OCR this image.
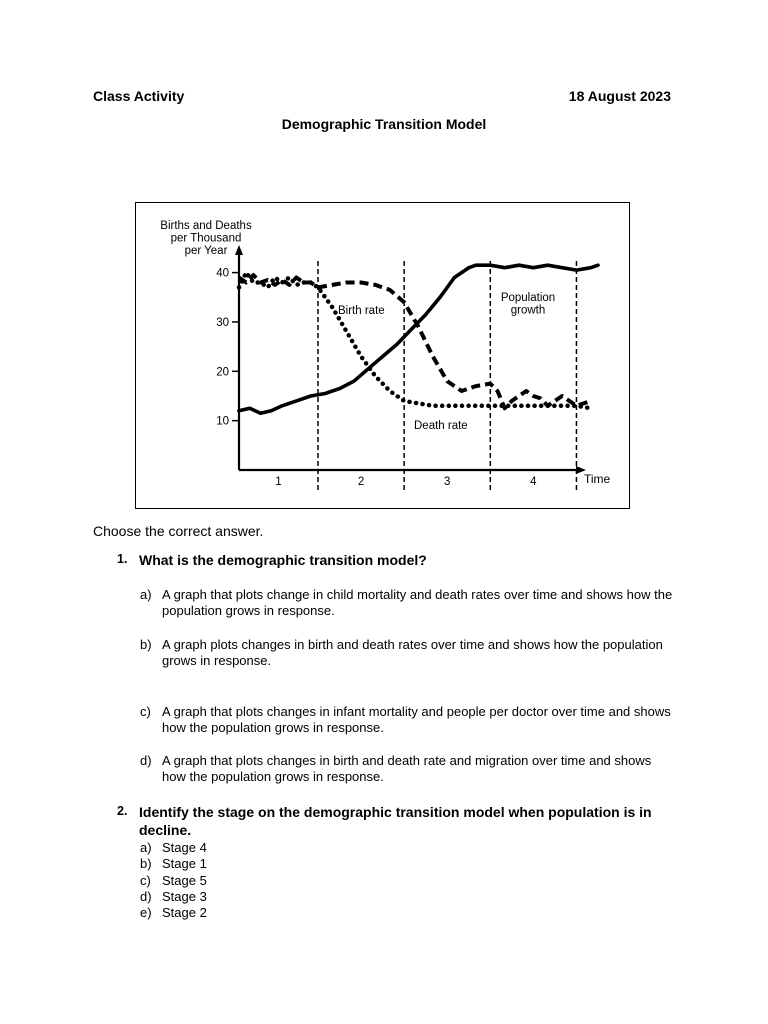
Class Activity	18 August 2023
Demographic Transition Model
Births and Deaths
per Thousand
per Year
Time
10
20
30
40
1	2	3	4
Birth rate
Death rate
Population
growth
Choose the correct answer.
1. What is the demographic transition model?
a) A graph that plots change in child mortality and death rates over time and shows how the population grows in response.
b) A graph plots changes in birth and death rates over time and shows how the population grows in response.
c) A graph that plots changes in infant mortality and people per doctor over time and shows how the population grows in response.
d) A graph that plots changes in birth and death rate and migration over time and shows how the population grows in response.
2. Identify the stage on the demographic transition model when population is in decline.
a) Stage 4
b) Stage 1
c) Stage 5
d) Stage 3
e) Stage 2
